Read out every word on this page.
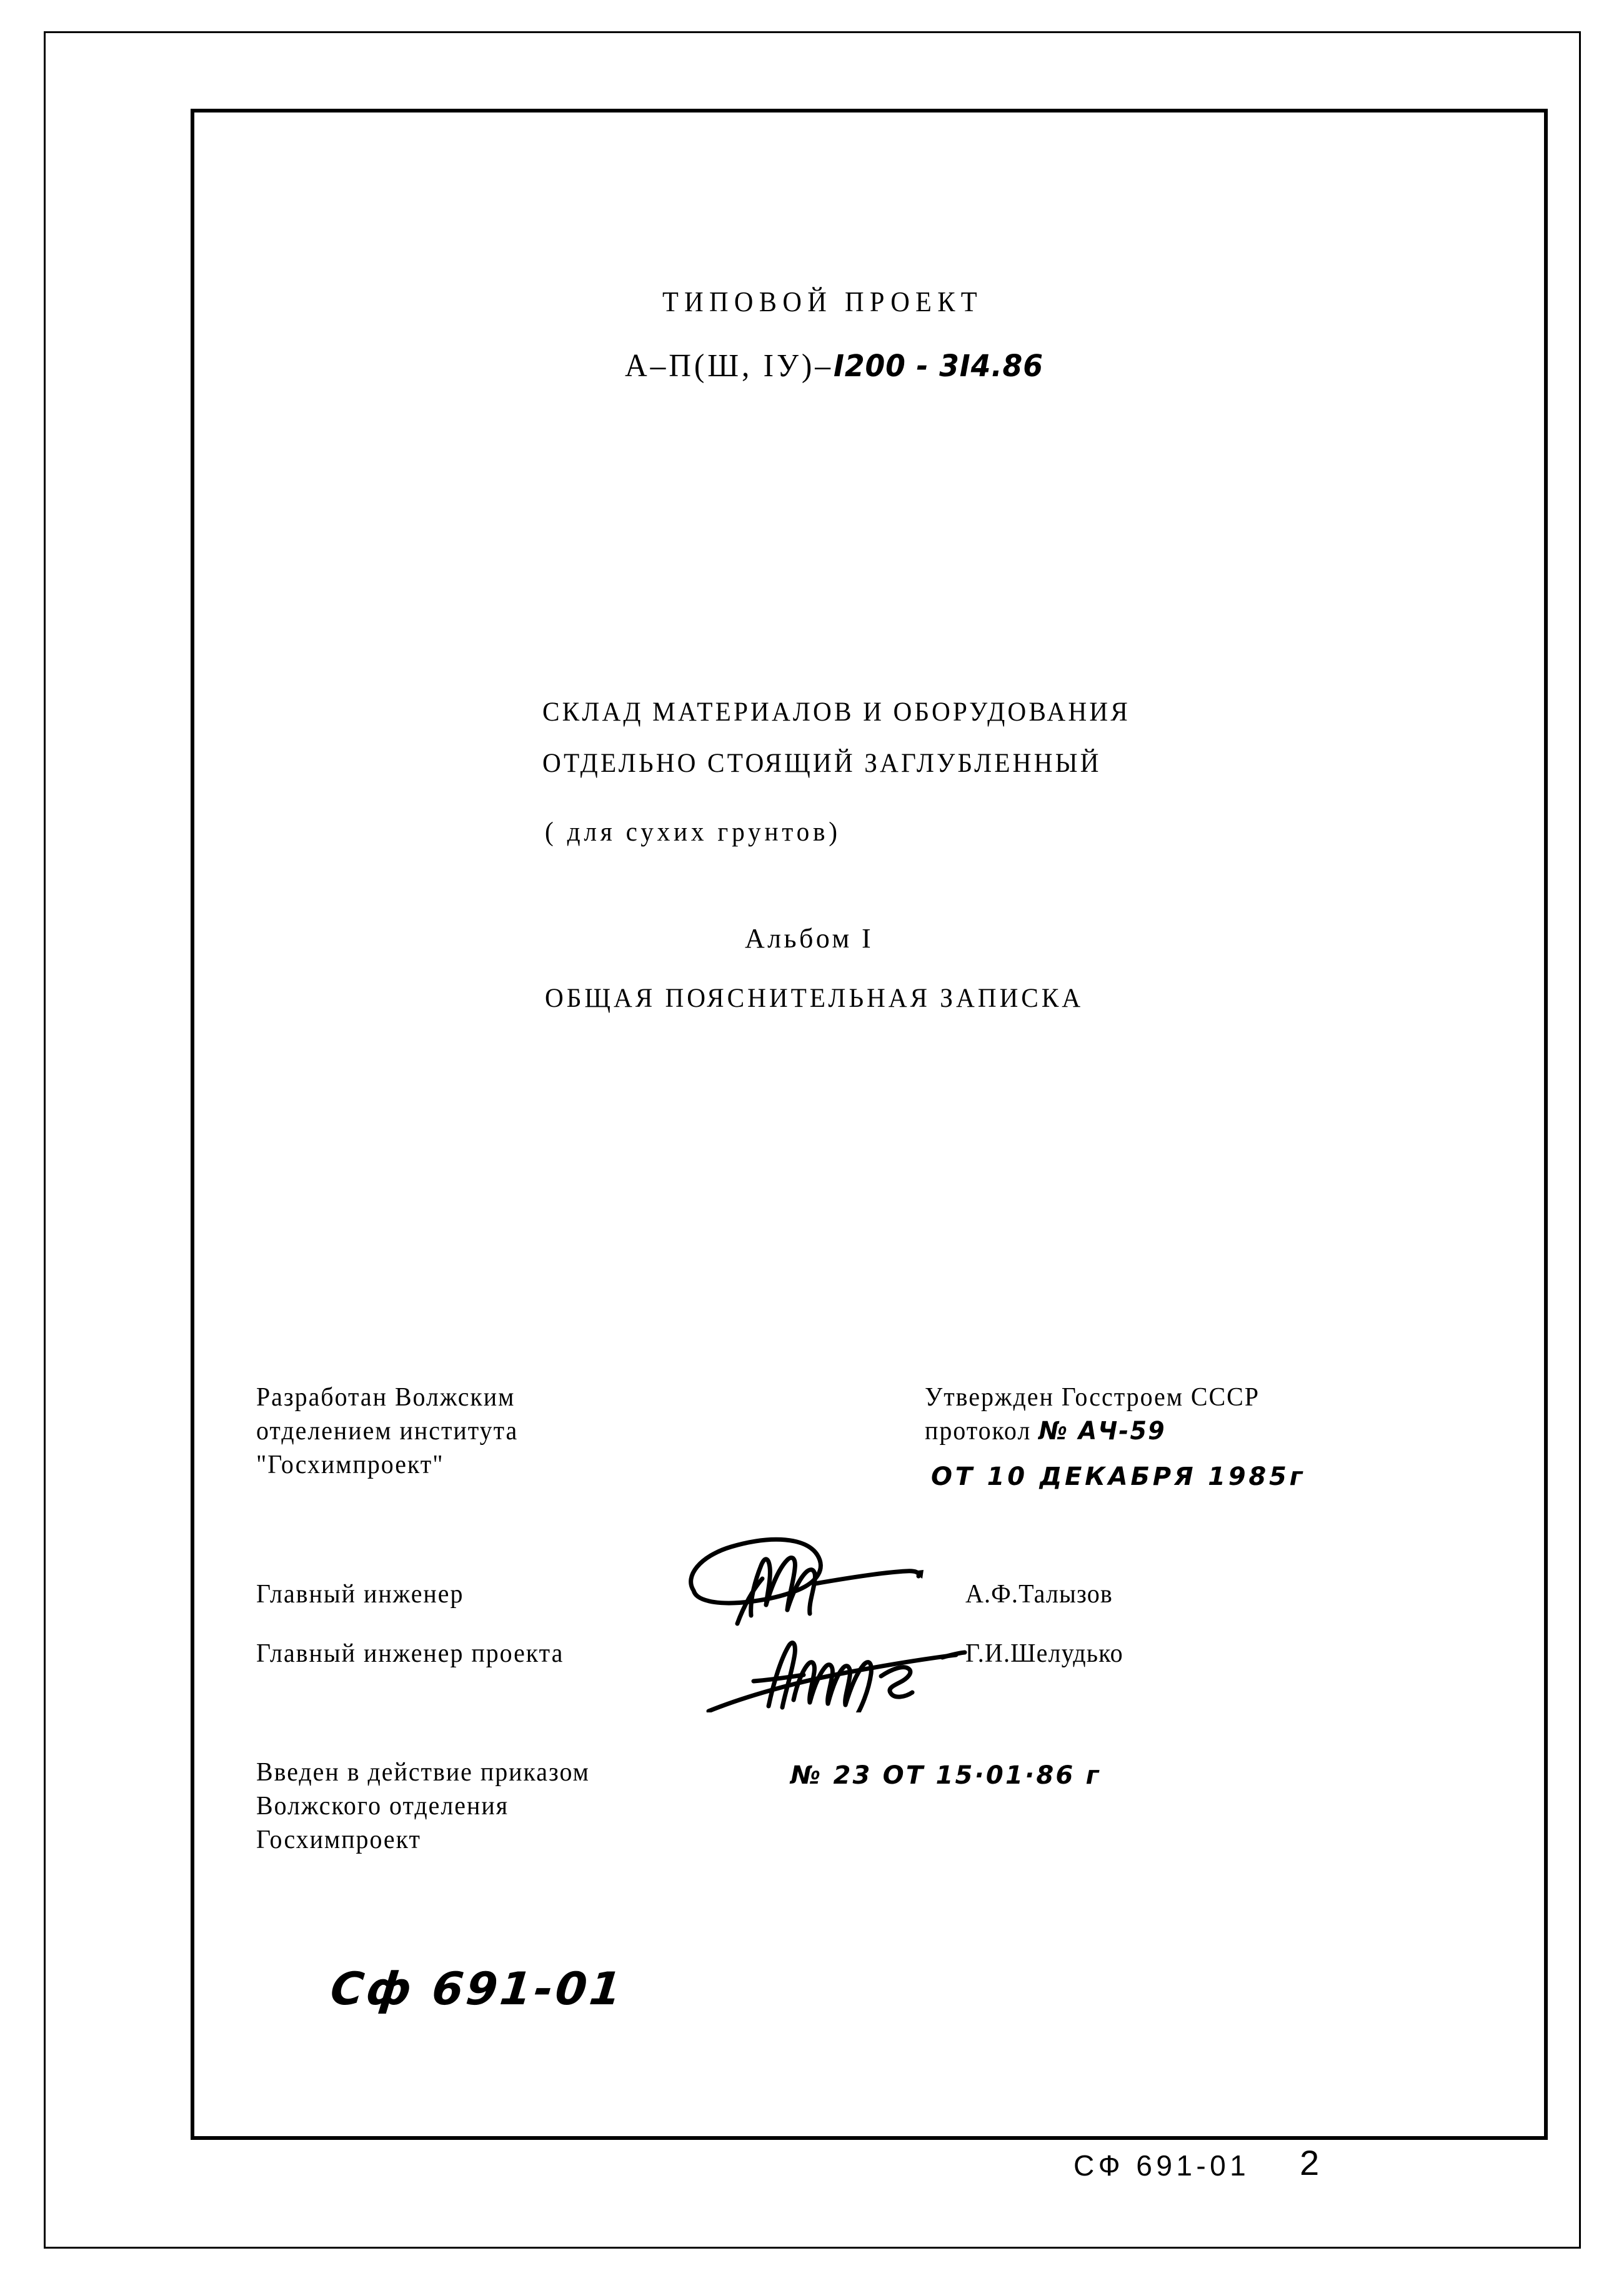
ТИПОВОЙ ПРОЕКТ
А–П(Ш, IУ)–I200 - 3I4.86
СКЛАД МАТЕРИАЛОВ И ОБОРУДОВАНИЯ
ОТДЕЛЬНО СТОЯЩИЙ ЗАГЛУБЛЕННЫЙ
( для сухих грунтов)
Альбом I
ОБЩАЯ ПОЯСНИТЕЛЬНАЯ ЗАПИСКА
Разработан Волжским
отделением института
"Госхимпроект"
Утвержден Госстроем СССР
протокол № АЧ-59
ОТ 10 ДЕКАБРЯ 1985г
Главный инженер	А.Ф.Талызов
Главный инженер проекта	Г.И.Шелудько
Введен в действие приказом
Волжского отделения
Госхимпроект
№ 23 ОТ 15·01·86 г
Сф 691-01
СФ 691-01 2
